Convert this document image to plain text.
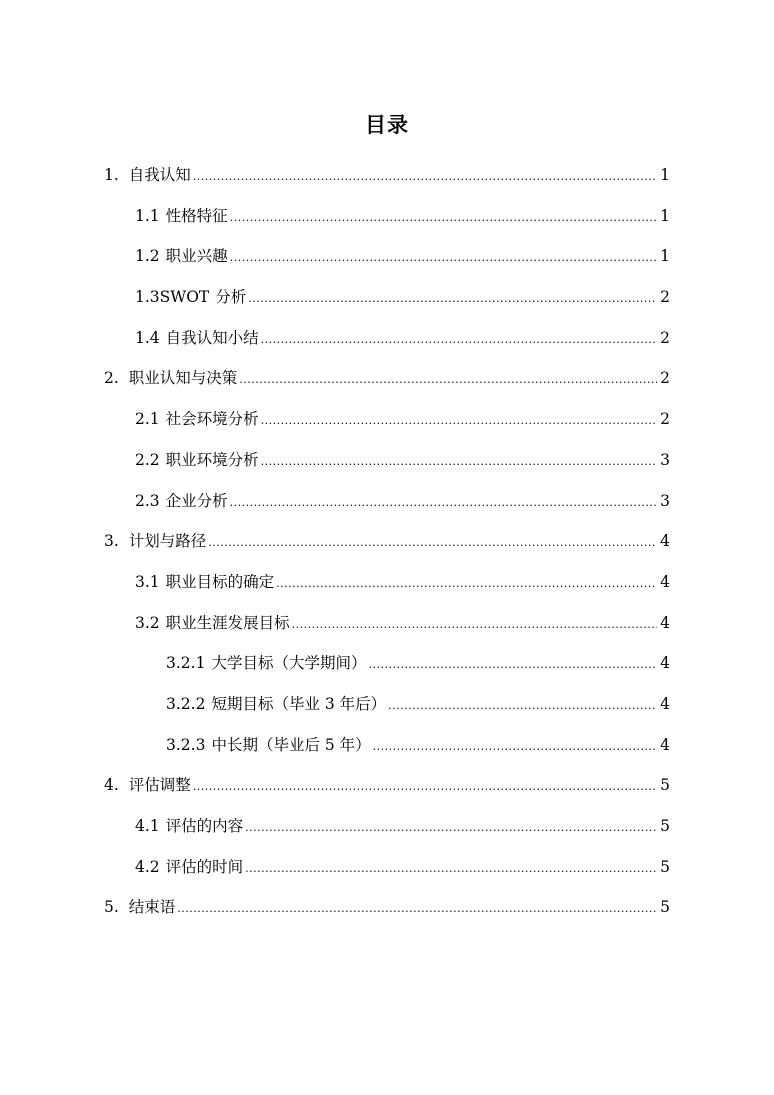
目录
1. 自我认知 .....	1
1.1 性格特征 .....	1
1.2 职业兴趣 .....	1
1.3SWOT 分析 .....	2
1.4 自我认知小结 .....	2
2. 职业认知与决策 .....	2
2.1 社会环境分析 .....	2
2.2 职业环境分析 .....	3
2.3 企业分析 .....	3
3. 计划与路径 .....	4
3.1 职业目标的确定 .....	4
3.2 职业生涯发展目标 .....	4
3.2.1 大学目标（大学期间） .....	4
3.2.2 短期目标（毕业 3 年后） .....	4
3.2.3 中长期（毕业后 5 年） .....	4
4. 评估调整 .....	5
4.1 评估的内容 .....	5
4.2 评估的时间 .....	5
5. 结束语 .....	5
